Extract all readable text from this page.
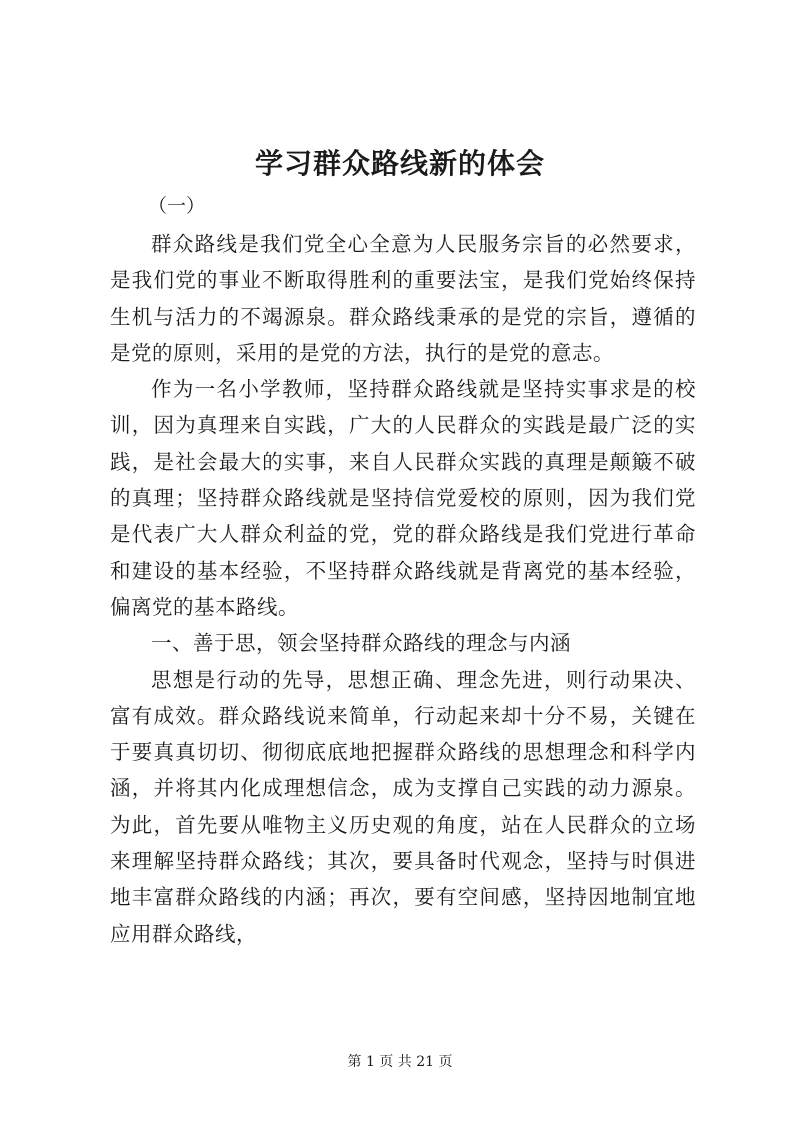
学习群众路线新的体会

（一）

群众路线是我们党全心全意为人民服务宗旨的必然要求，是我们党的事业不断取得胜利的重要法宝，是我们党始终保持生机与活力的不竭源泉。群众路线秉承的是党的宗旨，遵循的是党的原则，采用的是党的方法，执行的是党的意志。

作为一名小学教师，坚持群众路线就是坚持实事求是的校训，因为真理来自实践，广大的人民群众的实践是最广泛的实践，是社会最大的实事，来自人民群众实践的真理是颠簸不破的真理；坚持群众路线就是坚持信党爱校的原则，因为我们党是代表广大人群众利益的党，党的群众路线是我们党进行革命和建设的基本经验，不坚持群众路线就是背离党的基本经验，偏离党的基本路线。

一、善于思，领会坚持群众路线的理念与内涵

思想是行动的先导，思想正确、理念先进，则行动果决、富有成效。群众路线说来简单，行动起来却十分不易，关键在于要真真切切、彻彻底底地把握群众路线的思想理念和科学内涵，并将其内化成理想信念，成为支撑自己实践的动力源泉。为此，首先要从唯物主义历史观的角度，站在人民群众的立场来理解坚持群众路线；其次，要具备时代观念，坚持与时俱进地丰富群众路线的内涵；再次，要有空间感，坚持因地制宜地应用群众路线，

第 1 页 共 21 页
